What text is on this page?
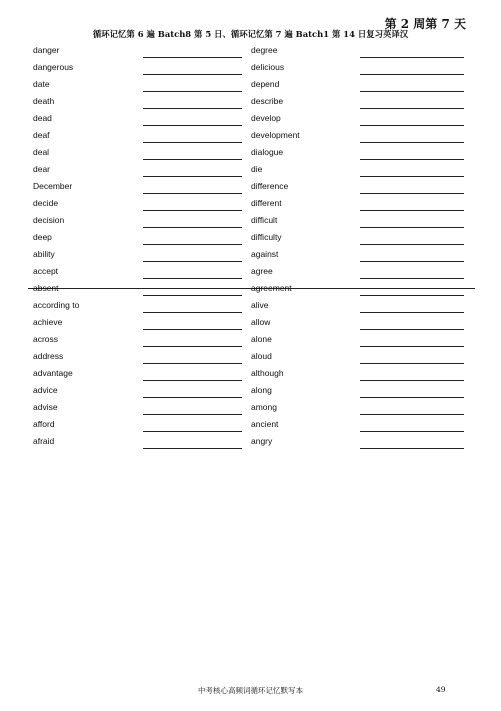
第 2 周第 7 天
循环记忆第 6 遍 Batch8 第 5 日、循环记忆第 7 遍 Batch1 第 14 日复习英译汉
danger	degree
dangerous	delicious
date	depend
death	describe
dead	develop
deaf	development
deal	dialogue
dear	die
December	difference
decide	different
decision	difficult
deep	difficulty
ability	against
accept	agree
absent	agreement
according to	alive
achieve	allow
across	alone
address	aloud
advantage	although
advice	along
advise	among
afford	ancient
afraid	angry
中考核心高频词循环记忆默写本	49
